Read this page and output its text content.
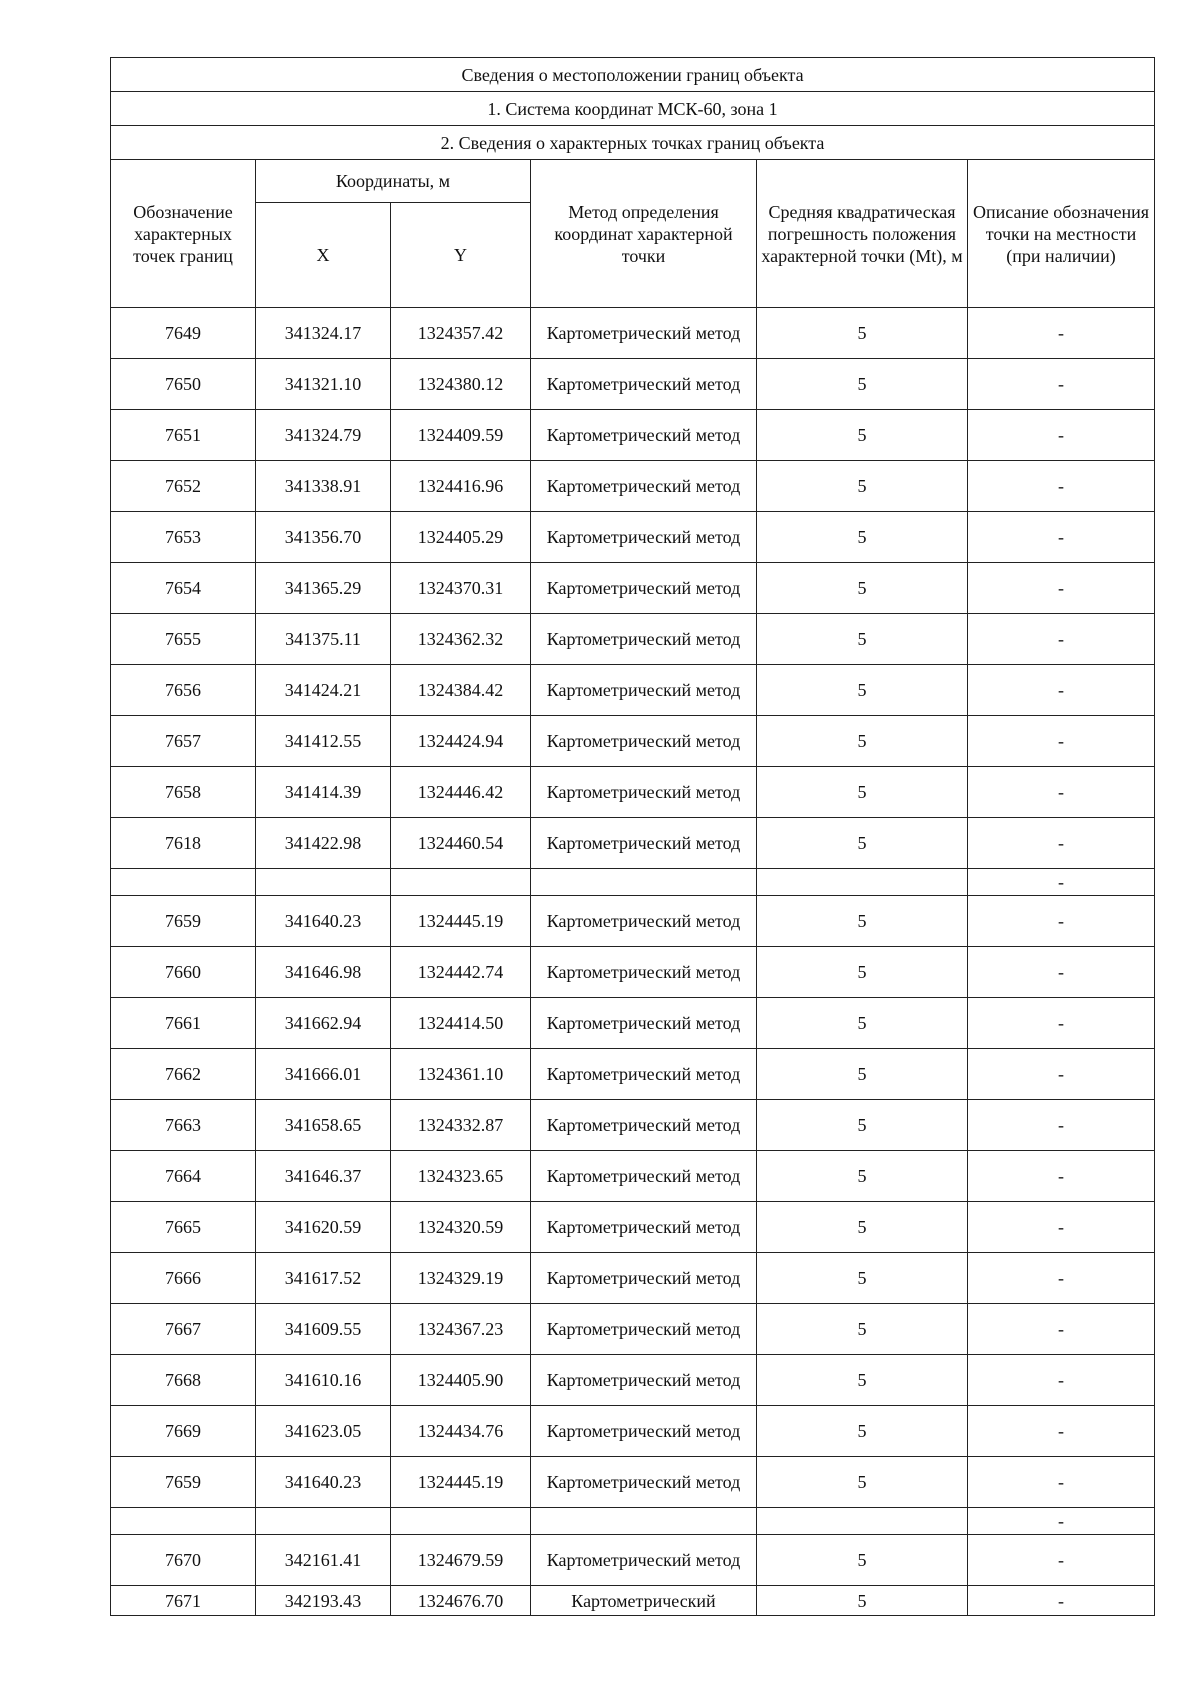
Сведения о местоположении границ объекта					
1. Система координат МСК-60, зона 1					
2. Сведения о характерных точках границ объекта					
Обозначение характерных точек границ	Координаты, м		Метод определения координат характерной точки	Средняя квадратическая погрешность положения характерной точки (Mt), м	Описание обозначения точки на местности (при наличии)
	X	Y			
7649	341324.17	1324357.42	Картометрический метод	5	-
7650	341321.10	1324380.12	Картометрический метод	5	-
7651	341324.79	1324409.59	Картометрический метод	5	-
7652	341338.91	1324416.96	Картометрический метод	5	-
7653	341356.70	1324405.29	Картометрический метод	5	-
7654	341365.29	1324370.31	Картометрический метод	5	-
7655	341375.11	1324362.32	Картометрический метод	5	-
7656	341424.21	1324384.42	Картометрический метод	5	-
7657	341412.55	1324424.94	Картометрический метод	5	-
7658	341414.39	1324446.42	Картометрический метод	5	-
7618	341422.98	1324460.54	Картометрический метод	5	-
					-
7659	341640.23	1324445.19	Картометрический метод	5	-
7660	341646.98	1324442.74	Картометрический метод	5	-
7661	341662.94	1324414.50	Картометрический метод	5	-
7662	341666.01	1324361.10	Картометрический метод	5	-
7663	341658.65	1324332.87	Картометрический метод	5	-
7664	341646.37	1324323.65	Картометрический метод	5	-
7665	341620.59	1324320.59	Картометрический метод	5	-
7666	341617.52	1324329.19	Картометрический метод	5	-
7667	341609.55	1324367.23	Картометрический метод	5	-
7668	341610.16	1324405.90	Картометрический метод	5	-
7669	341623.05	1324434.76	Картометрический метод	5	-
7659	341640.23	1324445.19	Картометрический метод	5	-
					-
7670	342161.41	1324679.59	Картометрический метод	5	-
7671	342193.43	1324676.70	Картометрический	5	-
